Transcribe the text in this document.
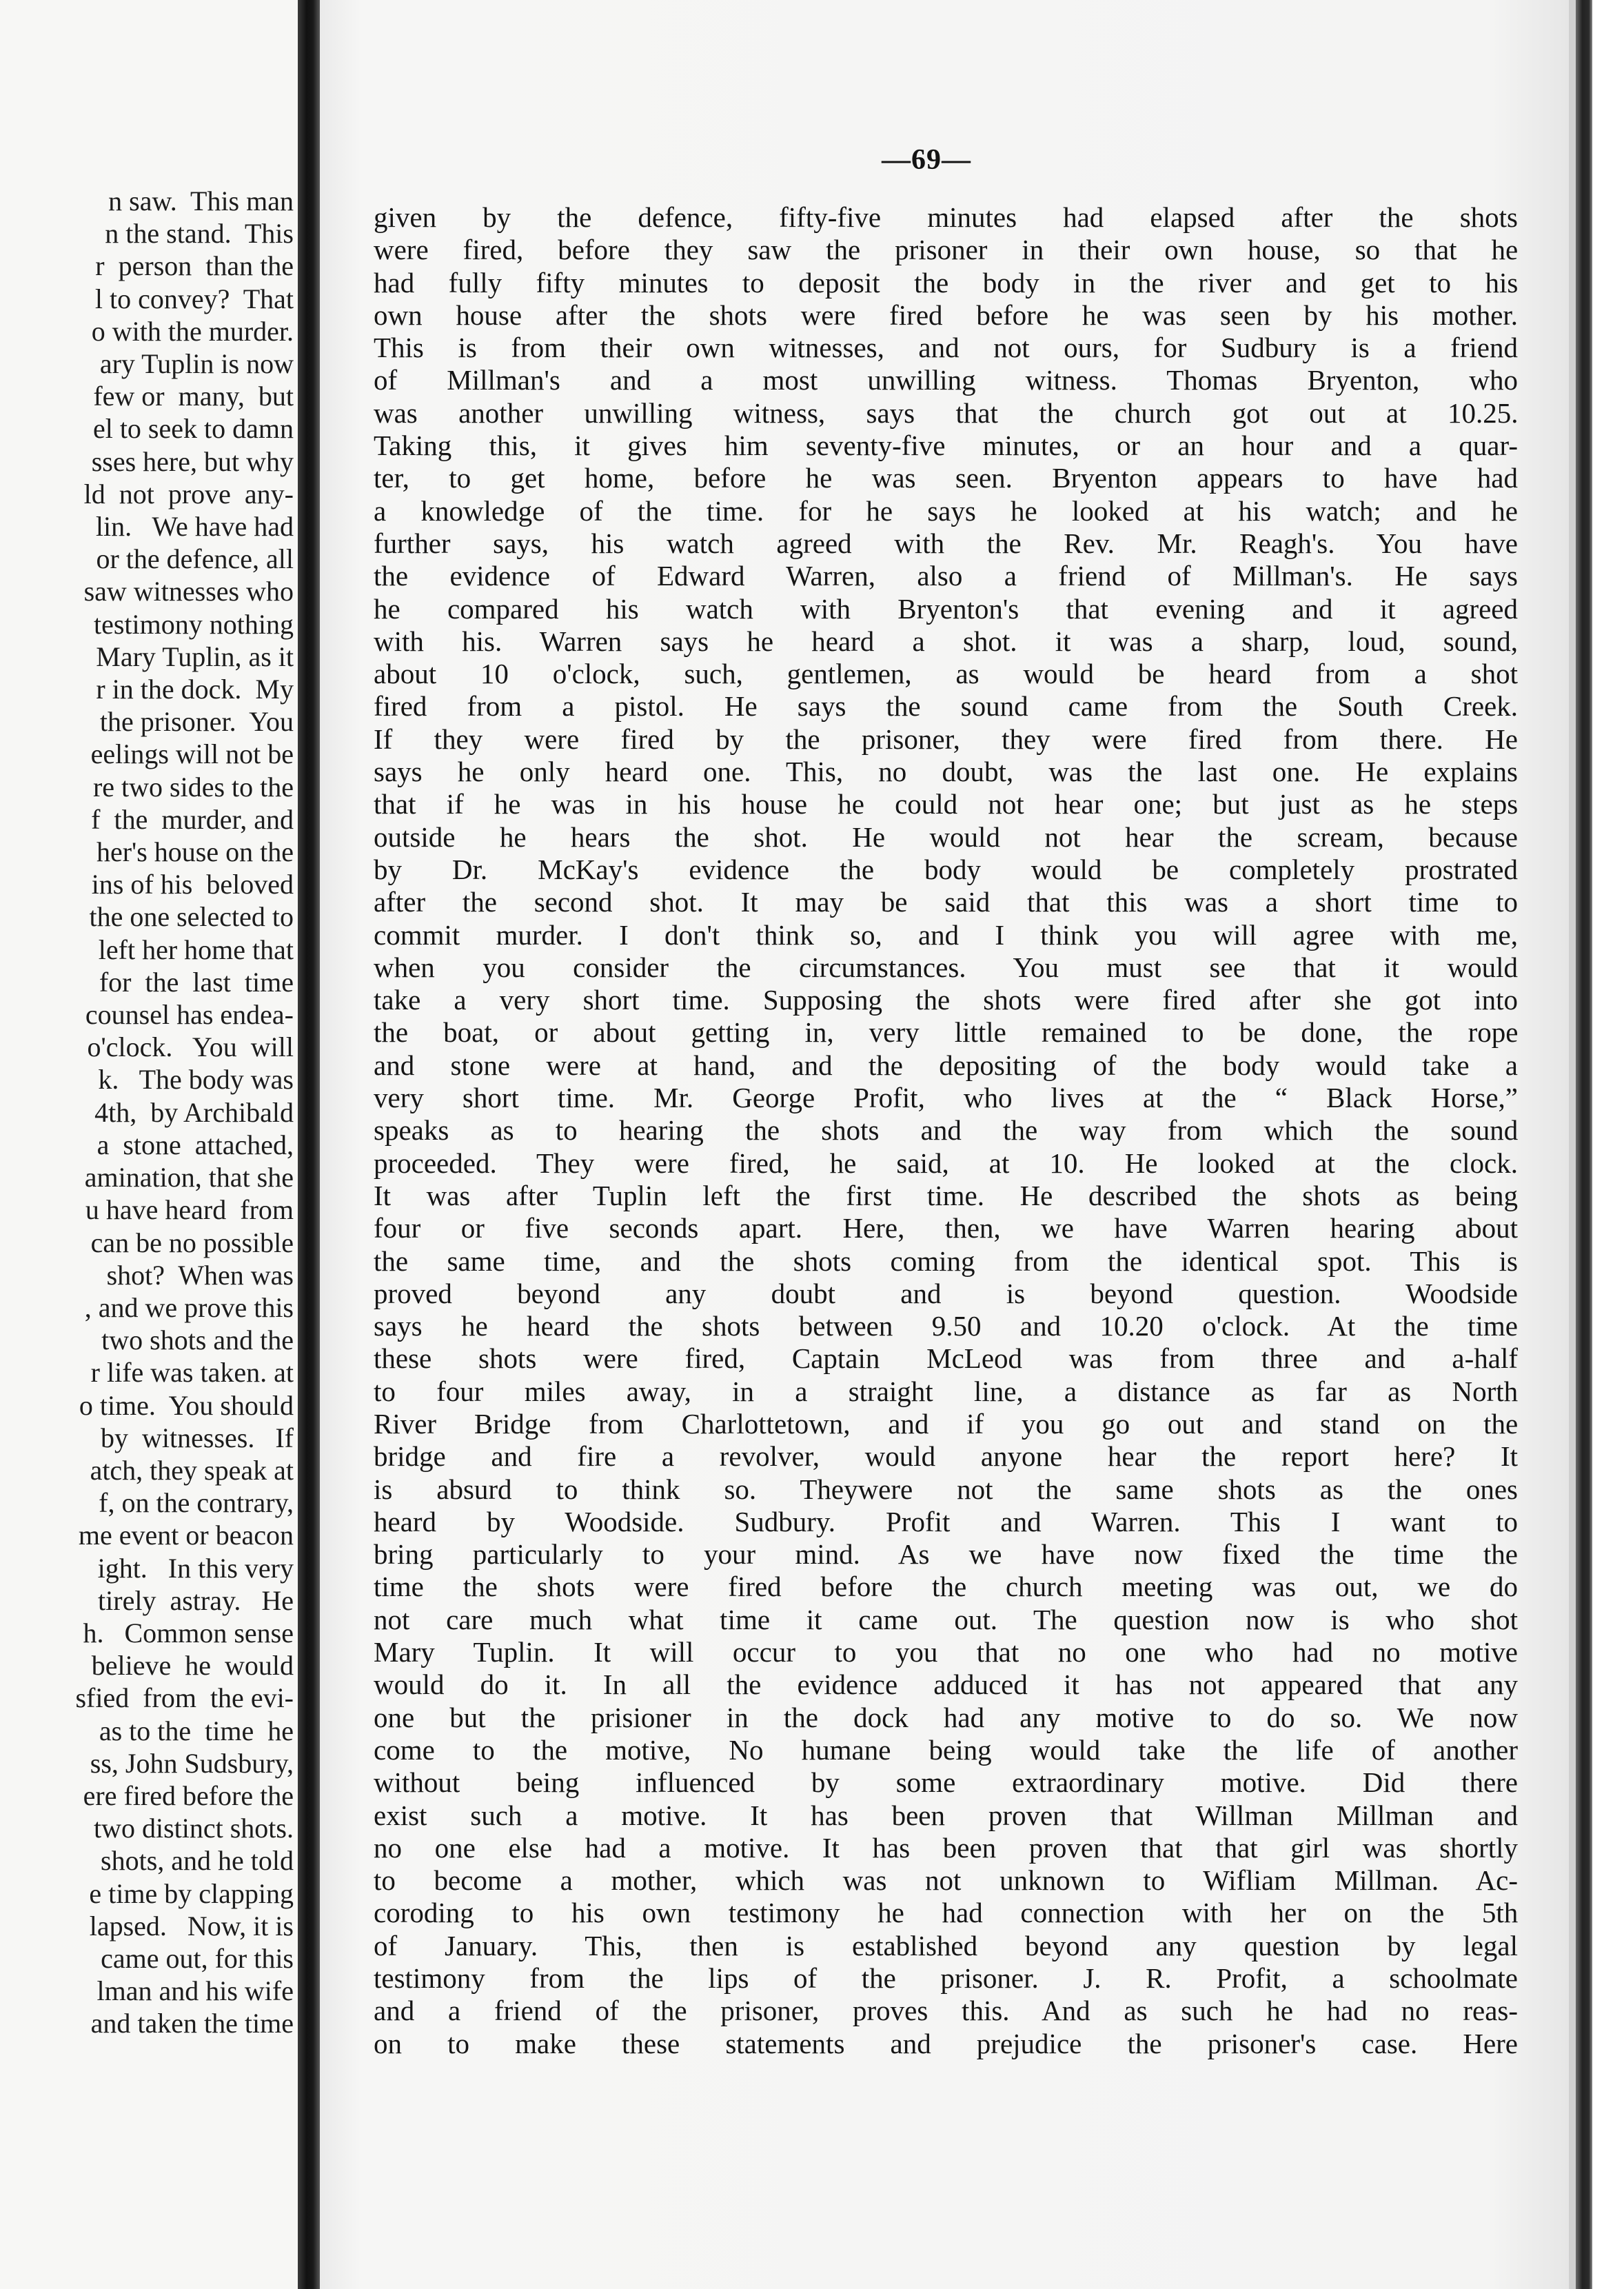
n saw.  This man
n the stand.  This
r  person  than the
l to convey?  That
o with the murder.
ary Tuplin is now
few or  many,  but
el to seek to damn
sses here, but why
ld  not  prove  any-
lin.   We have had
or the defence, all
saw witnesses who
testimony nothing
Mary Tuplin, as it
r in the dock.  My
the prisoner.  You
eelings will not be
re two sides to the
f  the  murder, and
her's house on the
ins of his  beloved
the one selected to
left her home that
for  the  last  time
counsel has endea-
o'clock.   You  will
k.   The body was
4th,  by Archibald
a  stone  attached,
amination, that she
u have heard  from
can be no possible
shot?  When was
, and we prove this
two shots and the
r life was taken. at
o time.  You should
by  witnesses.   If
atch, they speak at
f, on the contrary,
me event or beacon
ight.   In this very
tirely  astray.   He
h.   Common sense
believe  he  would
sfied  from  the evi-
as to the  time  he
ss, John Sudsbury,
ere fired before the
two distinct shots.
shots, and he told
e time by clapping
lapsed.   Now, it is
came out, for this
lman and his wife
and taken the time
—69—
given by the defence, fifty-five minutes had elapsed after the shots
were fired, before they saw the prisoner in their own house, so that he
had fully fifty minutes to deposit the body in the river and get to his
own house after the shots were fired before he was seen by his mother.
This is from their own witnesses, and not ours, for Sudbury is a friend
of Millman's and a most unwilling witness. Thomas Bryenton, who
was another unwilling witness, says that the church got out at 10.25.
Taking this, it gives him seventy-five minutes, or an hour and a quar-
ter, to get home, before he was seen. Bryenton appears to have had
a knowledge of the time. for he says he looked at his watch; and he
further says, his watch agreed with the Rev. Mr. Reagh's. You have
the evidence of Edward Warren, also a friend of Millman's. He says
he compared his watch with Bryenton's that evening and it agreed
with his. Warren says he heard a shot. it was a sharp, loud, sound,
about 10 o'clock, such, gentlemen, as would be heard from a shot
fired from a pistol. He says the sound came from the South Creek.
If they were fired by the prisoner, they were fired from there. He
says he only heard one. This, no doubt, was the last one. He explains
that if he was in his house he could not hear one; but just as he steps
outside he hears the shot. He would not hear the scream, because
by Dr. McKay's evidence the body would be completely prostrated
after the second shot. It may be said that this was a short time to
commit murder. I don't think so, and I think you will agree with me,
when you consider the circumstances. You must see that it would
take a very short time. Supposing the shots were fired after she got into
the boat, or about getting in, very little remained to be done, the rope
and stone were at hand, and the depositing of the body would take a
very short time. Mr. George Profit, who lives at the “ Black Horse,”
speaks as to hearing the shots and the way from which the sound
proceeded. They were fired, he said, at 10. He looked at the clock.
It was after Tuplin left the first time. He described the shots as being
four or five seconds apart. Here, then, we have Warren hearing about
the same time, and the shots coming from the identical spot. This is
proved beyond any doubt and is beyond question. Woodside
says he heard the shots between 9.50 and 10.20 o'clock. At the time
these shots were fired, Captain McLeod was from three and a-half
to four miles away, in a straight line, a distance as far as North
River Bridge from Charlottetown, and if you go out and stand on the
bridge and fire a revolver, would anyone hear the report here? It
is absurd to think so. Theywere not the same shots as the ones
heard by Woodside. Sudbury. Profit and Warren. This I want to
bring particularly to your mind. As we have now fixed the time the
time the shots were fired before the church meeting was out, we do
not care much what time it came out. The question now is who shot
Mary Tuplin. It will occur to you that no one who had no motive
would do it. In all the evidence adduced it has not appeared that any
one but the prisioner in the dock had any motive to do so. We now
come to the motive, No humane being would take the life of another
without being influenced by some extraordinary motive. Did there
exist such a motive. It has been proven that Willman Millman and
no one else had a motive. It has been proven that that girl was shortly
to become a mother, which was not unknown to Wifliam Millman. Ac-
coroding to his own testimony he had connection with her on the 5th
of January. This, then is established beyond any question by legal
testimony from the lips of the prisoner. J. R. Profit, a schoolmate
and a friend of the prisoner, proves this. And as such he had no reas-
on to make these statements and prejudice the prisoner's case. Here
